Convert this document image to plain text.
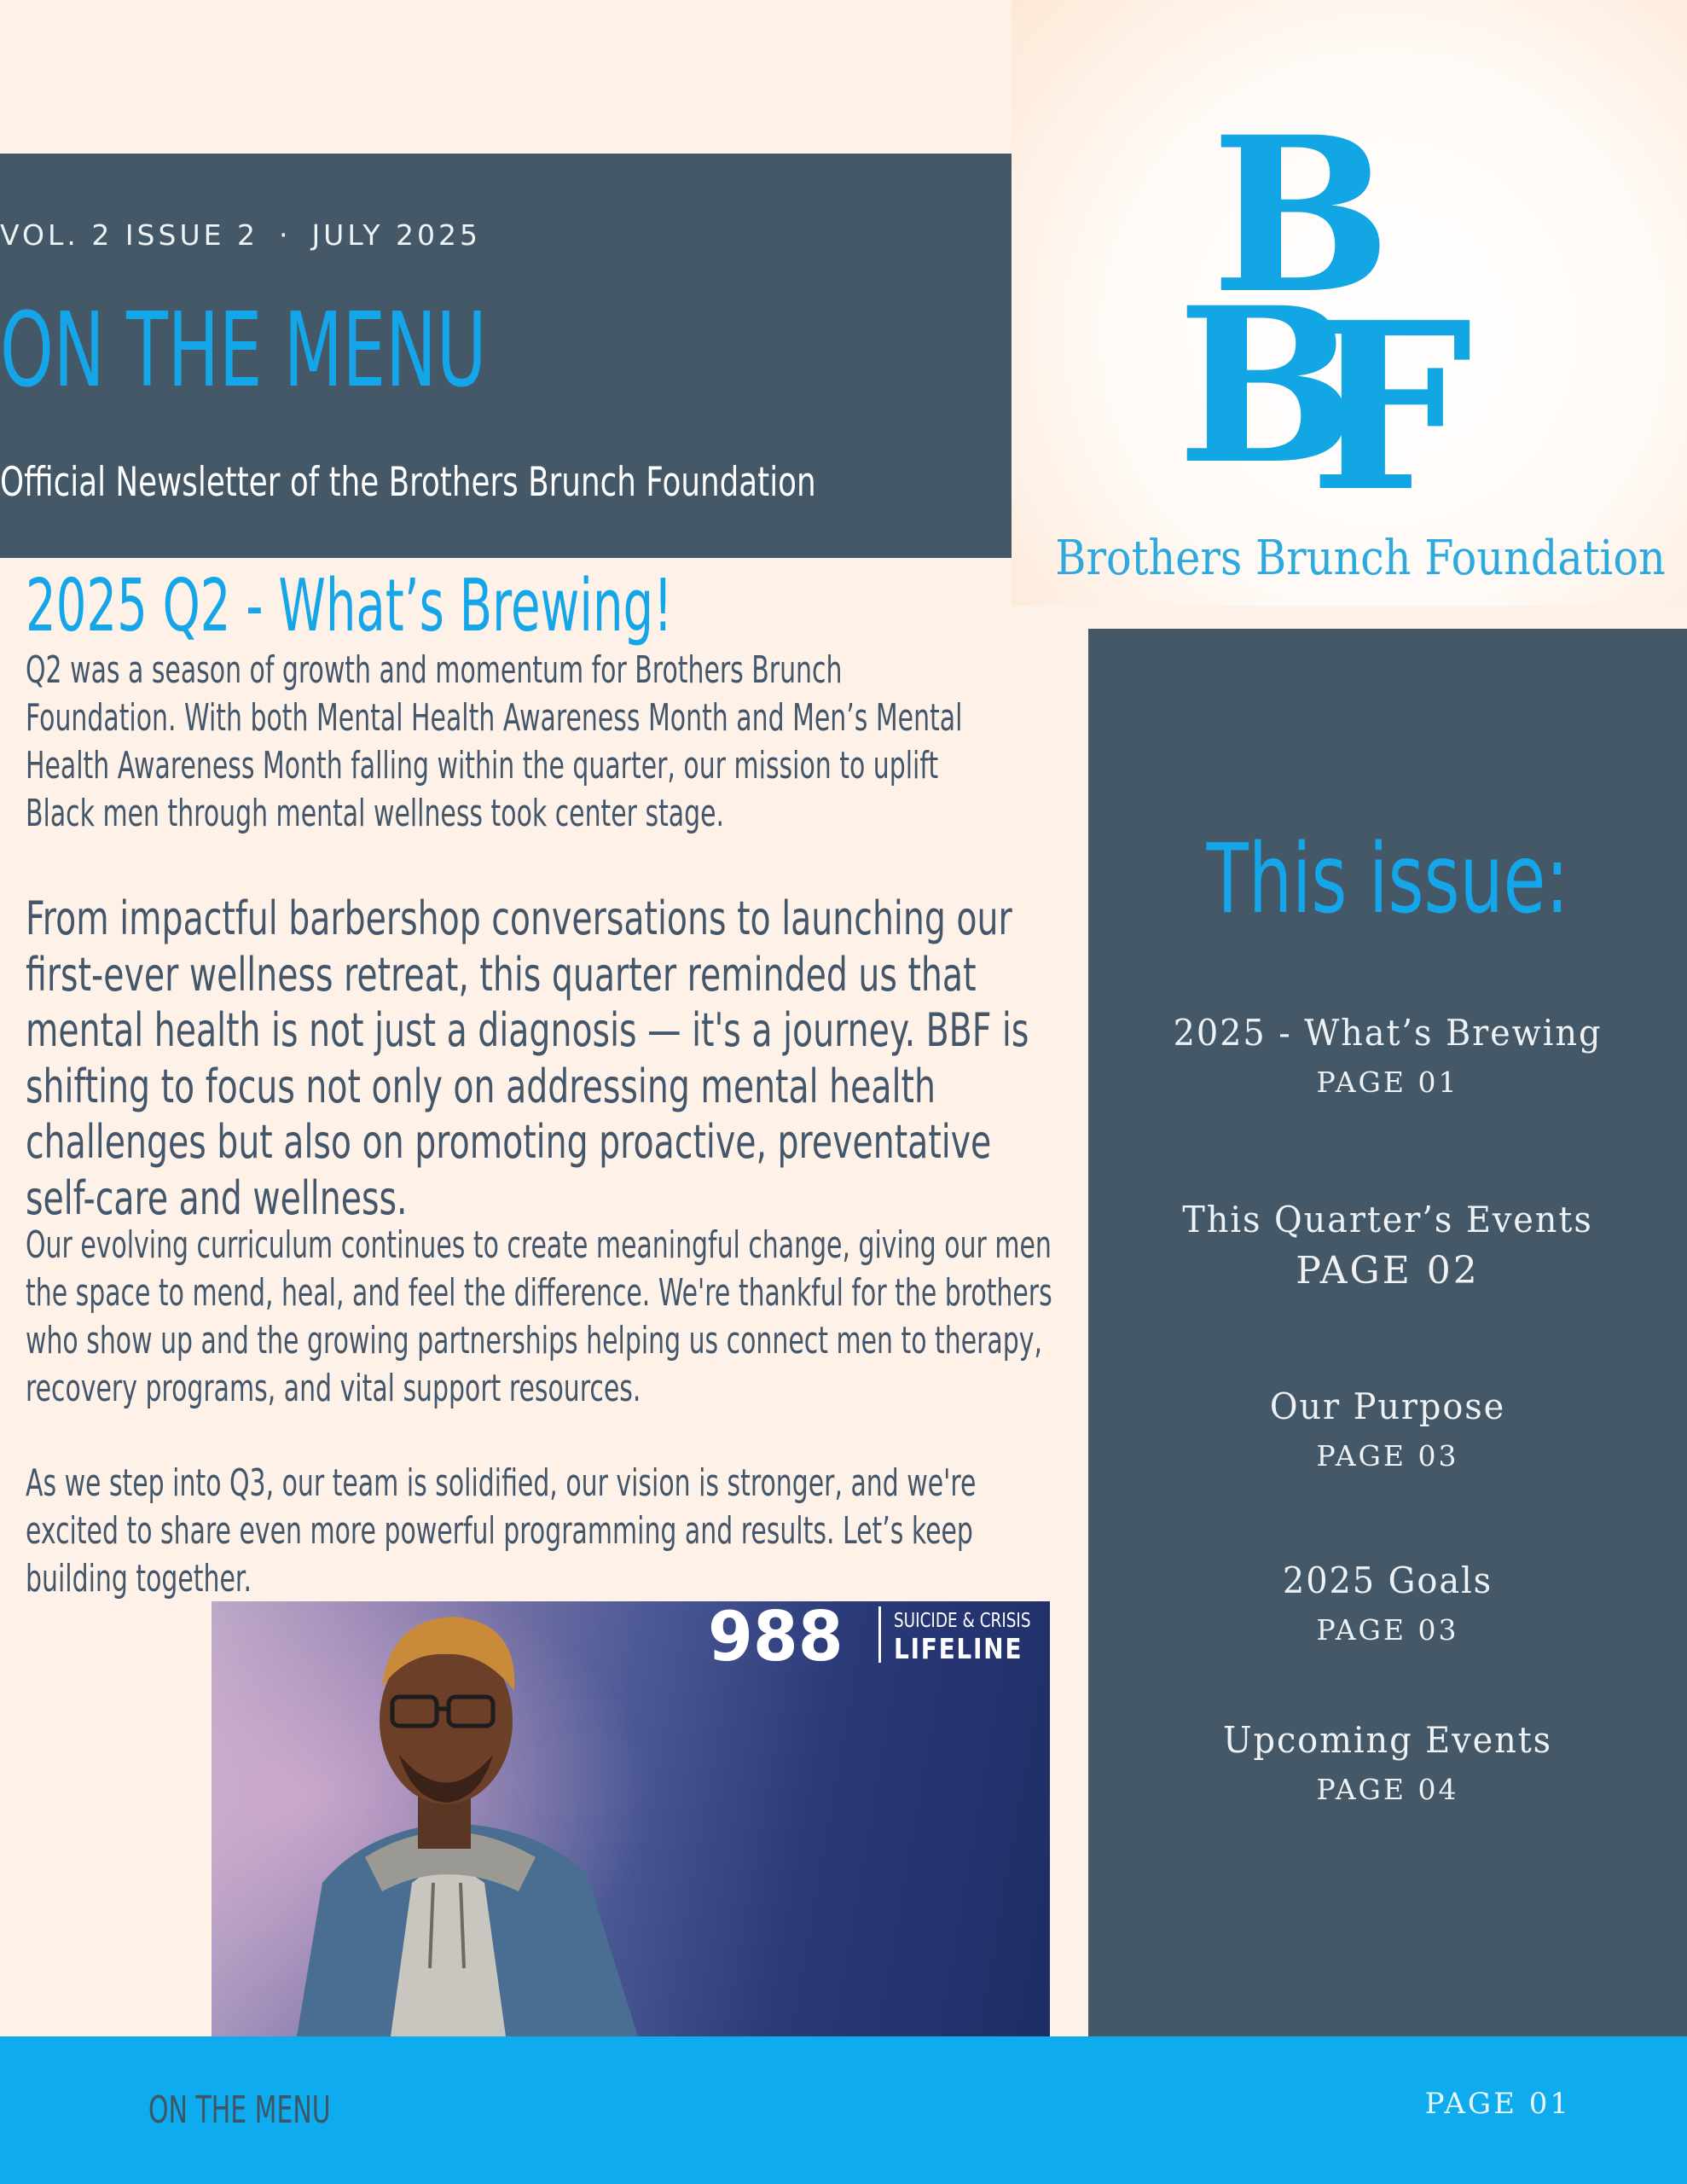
VOL. 2 ISSUE 2 · JULY 2025
ON THE MENU
Official Newsletter of the Brothers Brunch Foundation
B
B
F
Brothers Brunch Foundation
2025 Q2 - What’s Brewing!

Q2 was a season of growth and momentum for Brothers Brunch Foundation. With both Mental Health Awareness Month and Men’s Mental Health Awareness Month falling within the quarter, our mission to uplift Black men through mental wellness took center stage.

From impactful barbershop conversations to launching our first-ever wellness retreat, this quarter reminded us that mental health is not just a diagnosis — it's a journey. BBF is shifting to focus not only on addressing mental health challenges but also on promoting proactive, preventative self-care and wellness.

Our evolving curriculum continues to create meaningful change, giving our men the space to mend, heal, and feel the difference. We're thankful for the brothers who show up and the growing partnerships helping us connect men to therapy, recovery programs, and vital support resources.

As we step into Q3, our team is solidified, our vision is stronger, and we're excited to share even more powerful programming and results. Let’s keep building together.

988	SUICIDE & CRISIS
LIFELINE
This issue:
2025 - What’s Brewing
PAGE 01
This Quarter’s Events
PAGE 02
Our Purpose
PAGE 03
2025 Goals
PAGE 03
Upcoming Events
PAGE 04
ON THE MENU	PAGE 01
